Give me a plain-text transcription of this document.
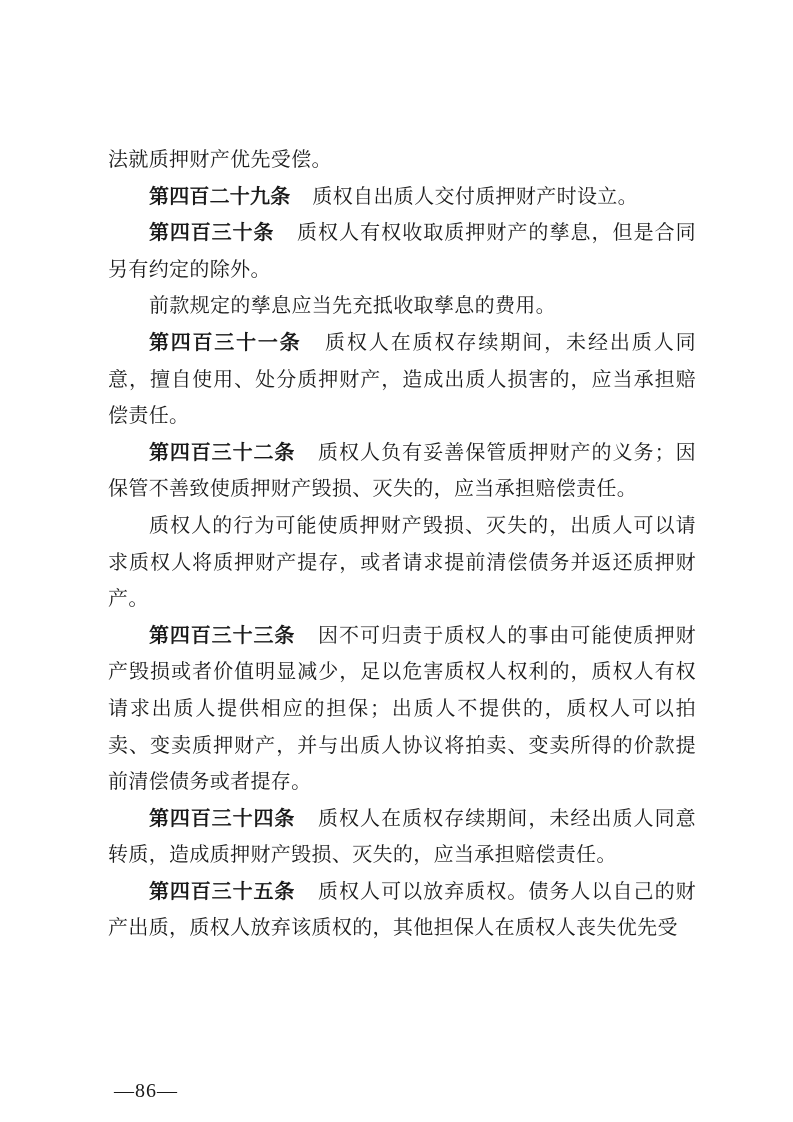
法就质押财产优先受偿。

第四百二十九条 质权自出质人交付质押财产时设立。

第四百三十条 质权人有权收取质押财产的孳息，但是合同另有约定的除外。

前款规定的孳息应当先充抵收取孳息的费用。

第四百三十一条 质权人在质权存续期间，未经出质人同意，擅自使用、处分质押财产，造成出质人损害的，应当承担赔偿责任。

第四百三十二条 质权人负有妥善保管质押财产的义务；因保管不善致使质押财产毁损、灭失的，应当承担赔偿责任。

质权人的行为可能使质押财产毁损、灭失的，出质人可以请求质权人将质押财产提存，或者请求提前清偿债务并返还质押财产。

第四百三十三条 因不可归责于质权人的事由可能使质押财产毁损或者价值明显减少，足以危害质权人权利的，质权人有权请求出质人提供相应的担保；出质人不提供的，质权人可以拍卖、变卖质押财产，并与出质人协议将拍卖、变卖所得的价款提前清偿债务或者提存。

第四百三十四条 质权人在质权存续期间，未经出质人同意转质，造成质押财产毁损、灭失的，应当承担赔偿责任。

第四百三十五条 质权人可以放弃质权。债务人以自己的财产出质，质权人放弃该质权的，其他担保人在质权人丧失优先受

—86—
